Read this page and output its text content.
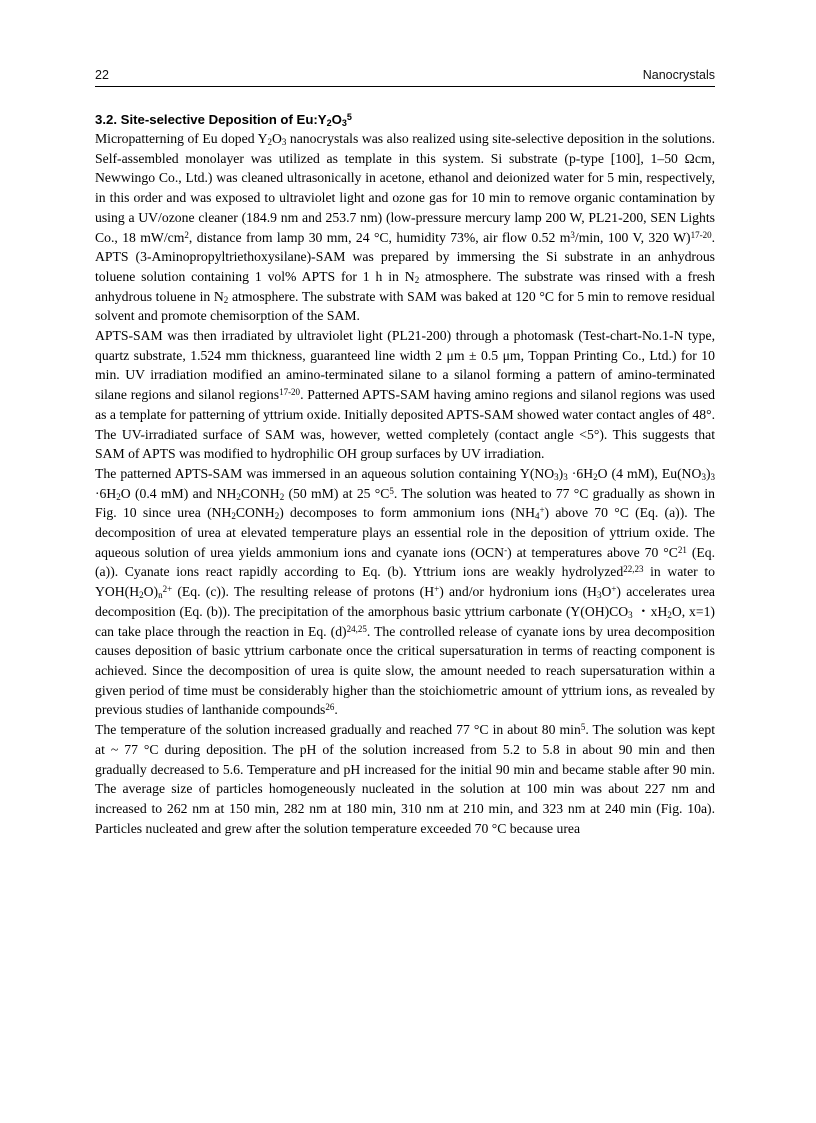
22	Nanocrystals
3.2. Site-selective Deposition of $Eu:Y_2O_3^5$

Micropatterning of Eu doped $Y_2O_3$ nanocrystals was also realized using site-selective deposition in the solutions. Self-assembled monolayer was utilized as template in this system. Si substrate (p-type [100], 1–50 Ωcm, Newwingo Co., Ltd.) was cleaned ultrasonically in acetone, ethanol and deionized water for 5 min, respectively, in this order and was exposed to ultraviolet light and ozone gas for 10 min to remove organic contamination by using a UV/ozone cleaner (184.9 nm and 253.7 nm) (low-pressure mercury lamp 200 W, PL21-200, SEN Lights Co., 18 $mW/cm^2$, distance from lamp 30 mm, 24 °C, humidity 73%, air flow 0.52 $m^3/\min$, 100 V, 320 W)$^{17-20}$. APTS (3-Aminopropyltriethoxysilane)-SAM was prepared by immersing the Si substrate in an anhydrous toluene solution containing 1 vol% APTS for 1 h in $N_2$ atmosphere. The substrate was rinsed with a fresh anhydrous toluene in $N_2$ atmosphere. The substrate with SAM was baked at 120 °C for 5 min to remove residual solvent and promote chemisorption of the SAM.

APTS-SAM was then irradiated by ultraviolet light (PL21-200) through a photomask (Test-chart-No.1-N type, quartz substrate, 1.524 mm thickness, guaranteed line width 2 μm ± 0.5 μm, Toppan Printing Co., Ltd.) for 10 min. UV irradiation modified an amino-terminated silane to a silanol forming a pattern of amino-terminated silane regions and silanol regions$^{17-20}$. Patterned APTS-SAM having amino regions and silanol regions was used as a template for patterning of yttrium oxide. Initially deposited APTS-SAM showed water contact angles of 48°. The UV-irradiated surface of SAM was, however, wetted completely (contact angle <5°). This suggests that SAM of APTS was modified to hydrophilic OH group surfaces by UV irradiation.

The patterned APTS-SAM was immersed in an aqueous solution containing $Y(NO_3)_3 \cdot 6H_2O$ (4 mM), $Eu(NO_3)_3 \cdot 6H_2O$ (0.4 mM) and $NH_2CONH_2$ (50 mM) at 25 $^\circ C^5$. The solution was heated to 77 °C gradually as shown in Fig. 10 since urea $(NH_2CONH_2)$ decomposes to form ammonium ions $(NH_4^+)$ above 70 °C (Eq. (a)). The decomposition of urea at elevated temperature plays an essential role in the deposition of yttrium oxide. The aqueous solution of urea yields ammonium ions and cyanate ions (OCN-) at temperatures above 70 $^\circ C^{21}$ (Eq. (a)). Cyanate ions react rapidly according to Eq. (b). Yttrium ions are weakly hydrolyzed$^{22,23}$ in water to $YOH(H_2O)_n^{2+}$ (Eq. (c)). The resulting release of protons (H+) and/or hydronium ions $(H_3O^+)$ accelerates urea decomposition (Eq. (b)). The precipitation of the amorphous basic yttrium carbonate ($Y(OH)CO_3$ ・$xH_2O$, x=1) can take place through the reaction in Eq. $(d)^{24,25}$. The controlled release of cyanate ions by urea decomposition causes deposition of basic yttrium carbonate once the critical supersaturation in terms of reacting component is achieved. Since the decomposition of urea is quite slow, the amount needed to reach supersaturation within a given period of time must be considerably higher than the stoichiometric amount of yttrium ions, as revealed by previous studies of lanthanide compounds$^{26}$.

The temperature of the solution increased gradually and reached 77 °C in about 80 $\min^5$. The solution was kept at ~ 77 °C during deposition. The pH of the solution increased from 5.2 to 5.8 in about 90 min and then gradually decreased to 5.6. Temperature and pH increased for the initial 90 min and became stable after 90 min. The average size of particles homogeneously nucleated in the solution at 100 min was about 227 nm and increased to 262 nm at 150 min, 282 nm at 180 min, 310 nm at 210 min, and 323 nm at 240 min (Fig. 10a). Particles nucleated and grew after the solution temperature exceeded 70 °C because urea
